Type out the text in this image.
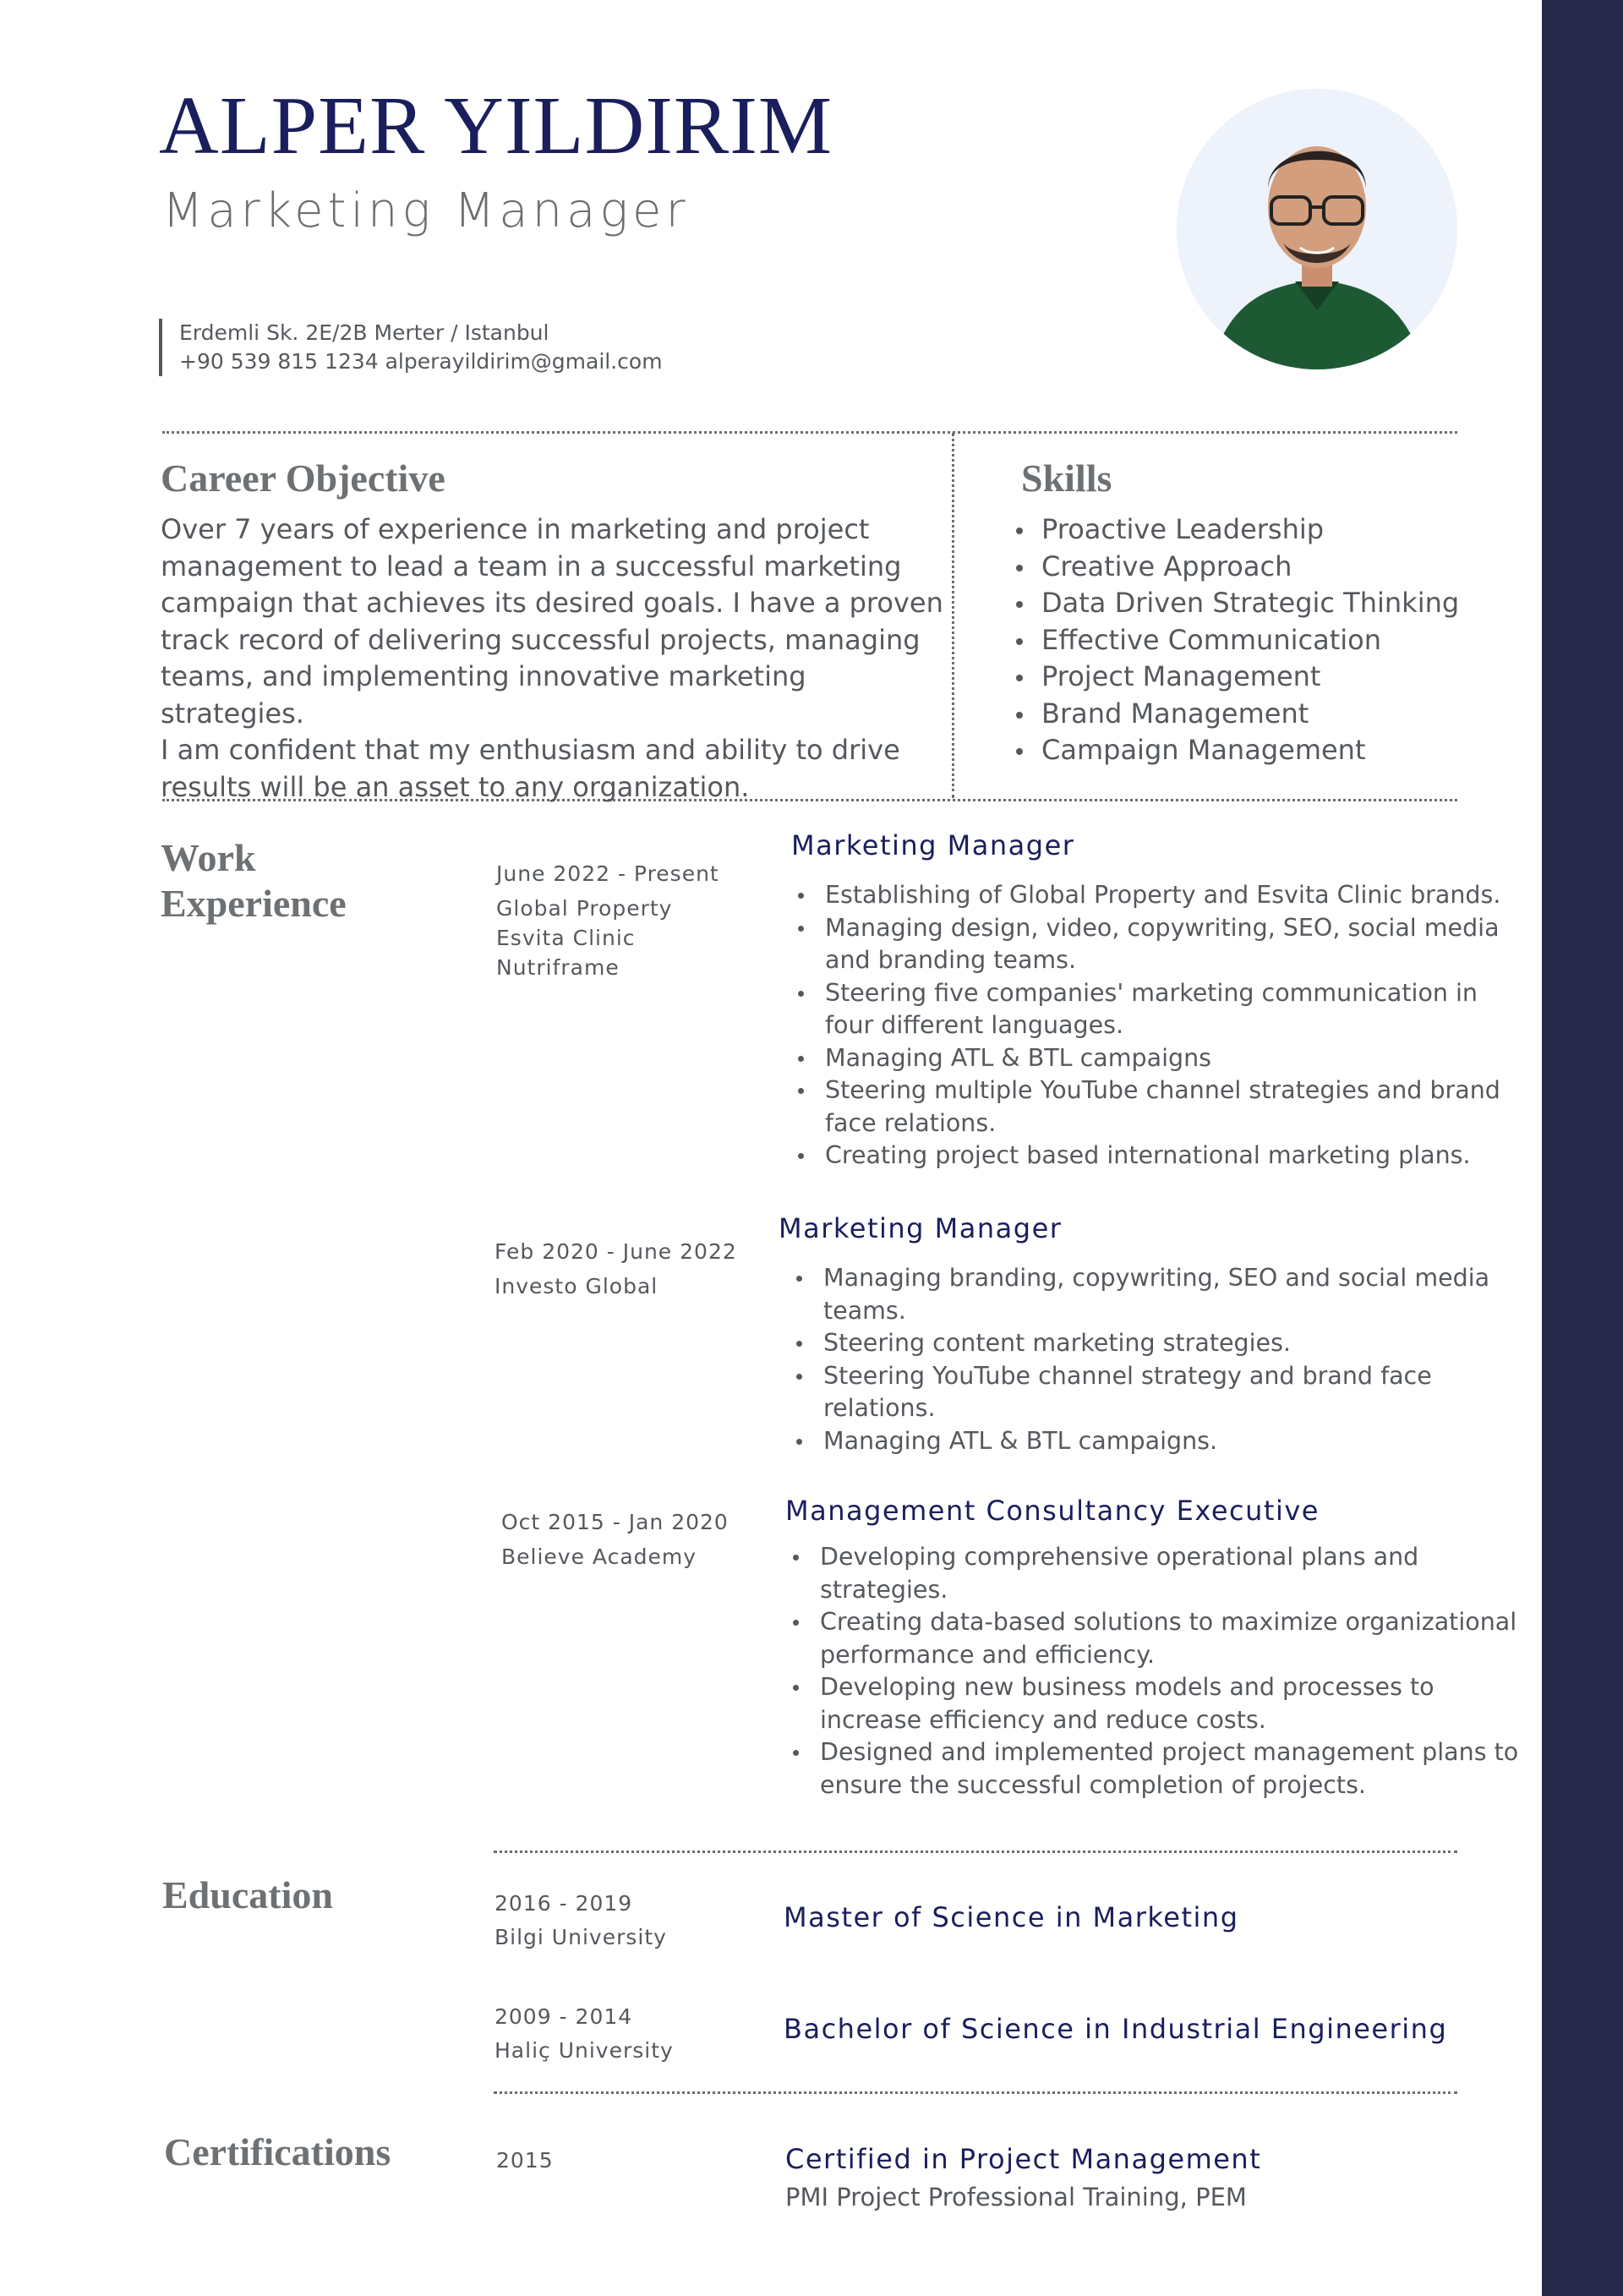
ALPER YILDIRIM
Marketing Manager
Erdemli Sk. 2E/2B Merter / Istanbul
+90 539 815 1234 alperayildirim@gmail.com
Career Objective
Over 7 years of experience in marketing and project
management to lead a team in a successful marketing
campaign that achieves its desired goals. I have a proven
track record of delivering successful projects, managing
teams, and implementing innovative marketing strategies.
I am confident that my enthusiasm and ability to drive
results will be an asset to any organization.
Skills
Proactive Leadership
Creative Approach
Data Driven Strategic Thinking
Effective Communication
Project Management
Brand Management
Campaign Management
Work
Experience
June 2022 - Present
Global Property
Esvita Clinic
Nutriframe
Marketing Manager
Establishing of Global Property and Esvita Clinic brands.
Managing design, video, copywriting, SEO, social media and branding teams.
Steering five companies' marketing communication in four different languages.
Managing ATL & BTL campaigns
Steering multiple YouTube channel strategies and brand face relations.
Creating project based international marketing plans.
Feb 2020 - June 2022
Investo Global
Marketing Manager
Managing branding, copywriting, SEO and social media teams.
Steering content marketing strategies.
Steering YouTube channel strategy and brand face relations.
Managing ATL & BTL campaigns.
Oct 2015 - Jan 2020
Believe Academy
Management Consultancy Executive
Developing comprehensive operational plans and strategies.
Creating data-based solutions to maximize organizational performance and efficiency.
Developing new business models and processes to increase efficiency and reduce costs.
Designed and implemented project management plans to ensure the successful completion of projects.
Education	2016 - 2019
Bilgi University
Master of Science in Marketing
2009 - 2014
Haliç University
Bachelor of Science in Industrial Engineering
Certifications	2015	Certified in Project Management
PMI Project Professional Training, PEM
